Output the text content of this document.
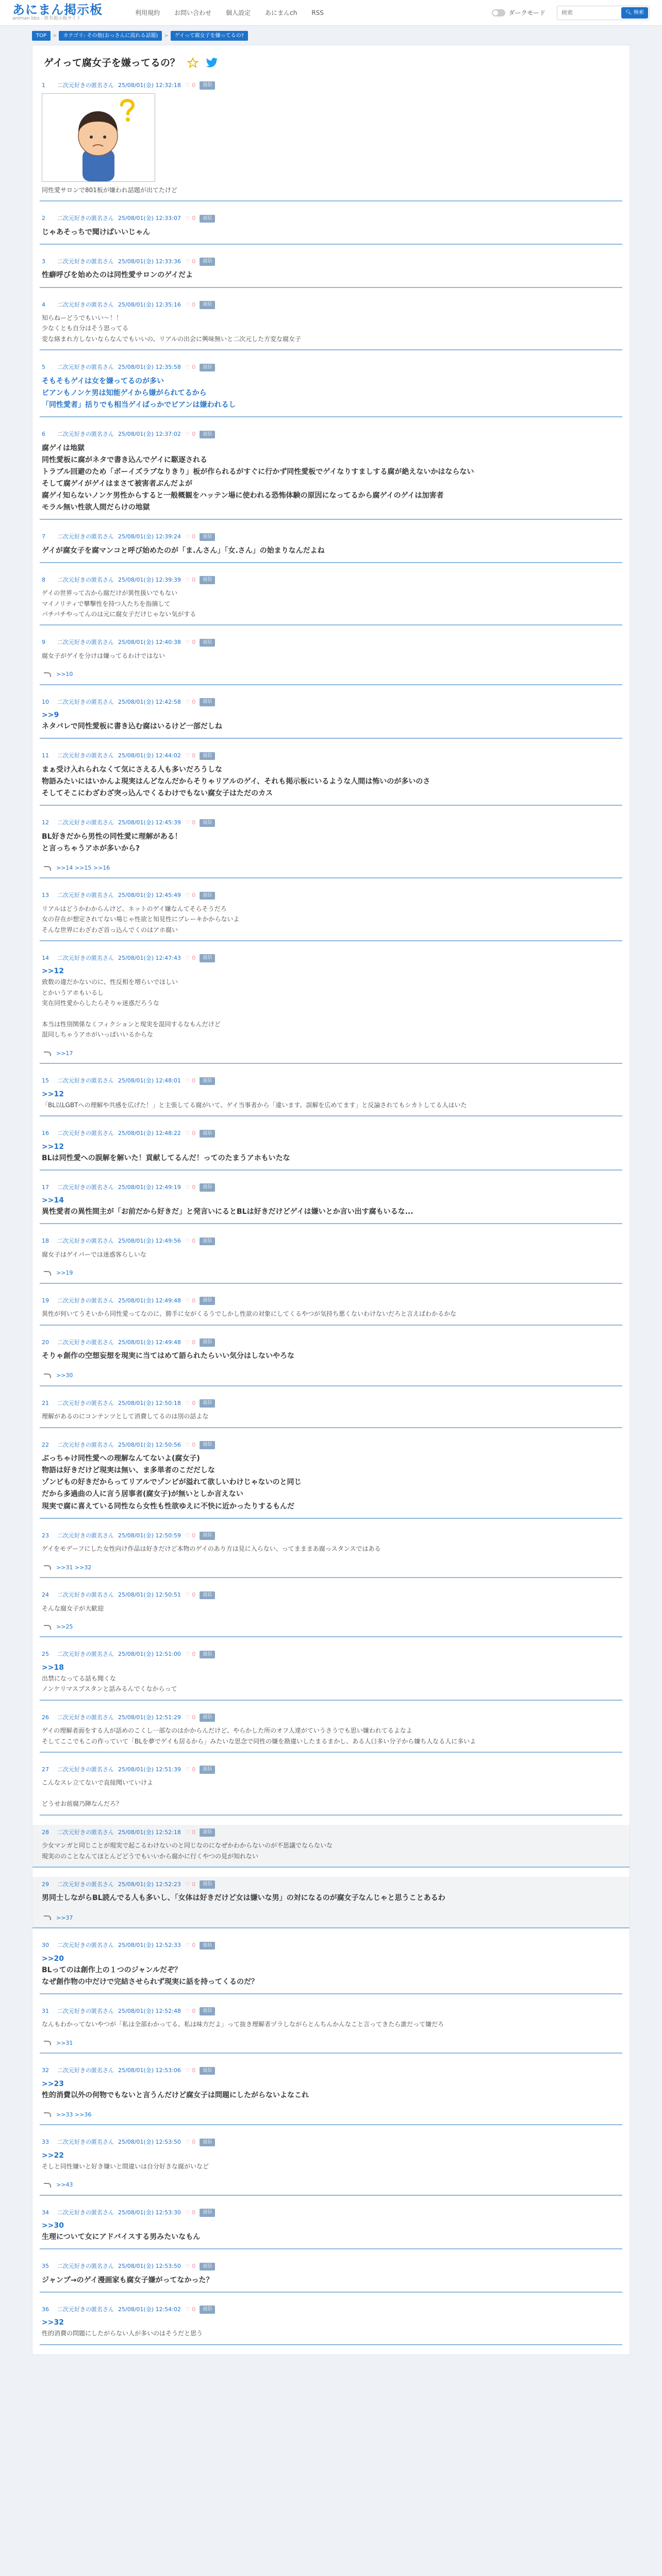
あにまん掲示板
animan bbs - 匿名掲示板サイト
利用規約 お問い合わせ 個人設定 あにまんch RSS	ダークモード
検索	🔍︎ 検索
TOP	>	カテゴリ: その他(おっさんに流れる話題)	>	ゲイって腐女子を嫌ってるの?
ゲイって腐女子を嫌ってるの？
1	二次元好きの匿名さん 25/08/01(金) 12:32:18 ♡ 0	返信
同性愛サロンで801板が嫌われ話題が出てたけど
2	二次元好きの匿名さん 25/08/01(金) 12:33:07 ♡ 0	返信
じゃあそっちで聞けばいいじゃん
3	二次元好きの匿名さん 25/08/01(金) 12:33:36 ♡ 0	返信
性癖呼びを始めたのは同性愛サロンのゲイだよ
4	二次元好きの匿名さん 25/08/01(金) 12:35:16 ♡ 0	返信
知らねーどうでもいい〜！！
少なくとも自分はそう思ってる
変な絡まれ方しないならなんでもいいの、リアルの出会に興味無いと二次元した方変な腐女子
5	二次元好きの匿名さん 25/08/01(金) 12:35:58 ♡ 0	返信
そもそもゲイは女を嫌ってるのが多い
ビアンもノンケ男は知能ゲイから嫌がられてるから
「同性愛者」括りでも相当ゲイばっかでビアンは嫌われるし
6	二次元好きの匿名さん 25/08/01(金) 12:37:02 ♡ 0	返信
腐ゲイは地獄
同性愛板に腐がネタで書き込んでゲイに駆逐される
トラブル回避のため「ボーイズラブなりきり」板が作られるがすぐに行かず同性愛板でゲイなりすましする腐が絶えないかはならない
そして腐ゲイがゲイはまさて被害者ぶんだよが
腐ゲイ知らないノンケ男性からすると一般概観をハッテン場に使われる恐怖体験の原因になってるから腐ゲイのゲイは加害者
モラル無い性欲人間だらけの地獄
7	二次元好きの匿名さん 25/08/01(金) 12:39:24 ♡ 0	返信
ゲイが腐女子を腐マンコと呼び始めたのが「ま.んさん」「女.さん」の始まりなんだよね
8	二次元好きの匿名さん 25/08/01(金) 12:39:39 ♡ 0	返信
ゲイの世界って古から腐だけが異性扱いでもない
マイノリティで攀撃性を持つ人たちを指摘して
パチパチやってんのは元に腐女子だけじゃない気がする
9	二次元好きの匿名さん 25/08/01(金) 12:40:38 ♡ 0	返信
腐女子がゲイを分けは嫌ってるわけではない
>>10
10	二次元好きの匿名さん 25/08/01(金) 12:42:58 ♡ 0	返信
>>9
ネタバレで同性愛板に書き込む腐はいるけど一部だしね
11	二次元好きの匿名さん 25/08/01(金) 12:44:02 ♡ 0	返信
まぁ受け入れられなくて気にさえる人も多いだろうしな
物語みたいにはいかんよ現実はんどなんだからそりゃリアルのゲイ、それも掲示板にいるような人間は怖いのが多いのさ
そしてそこにわざわざ突っ込んでくるわけでもない腐女子はただのカス
12	二次元好きの匿名さん 25/08/01(金) 12:45:39 ♡ 0	返信
BL好きだから男性の同性愛に理解がある！
と言っちゃうアホが多いから?
>>14 >>15 >>16
13	二次元好きの匿名さん 25/08/01(金) 12:45:49 ♡ 0	返信
リアルはどうかわからんけど、ネットのゲイ嫌なんてそらそうだろ
女の存在が想定されてない場じゃ性欲と知見性にブレーキかからないよ
そんな世界にわざわざ首っ込んでくのはアホ腐い
14	二次元好きの匿名さん 25/08/01(金) 12:47:43 ♡ 0	返信
>>12
致数の違だかないのに、性反相を増らいでほしい
とかいうアホもいるし
実在同性愛からしたらそりゃ迷惑だろうな

本当は性別関係なくフィクションと現実を混同するなもんだけど
混同しちゃうアホがいっぱいいるからな
>>17
15	二次元好きの匿名さん 25/08/01(金) 12:48:01 ♡ 0	返信
>>12
「BL以LGBTへの理解や共感を広げた！」と主張してる腐がいて、ゲイ当事者から「違います。誤解を広めてます」と反論されてもシカトしてる人はいた
16	二次元好きの匿名さん 25/08/01(金) 12:48:22 ♡ 0	返信
>>12
BLは同性愛への誤解を解いた！貢献してるんだ！ってのたまうアホもいたな
17	二次元好きの匿名さん 25/08/01(金) 12:49:19 ♡ 0	返信
>>14
異性愛者の異性間主が「お前だから好きだ」と発言いにるとBLは好きだけどゲイは嫌いとか言い出す腐もいるな...
18	二次元好きの匿名さん 25/08/01(金) 12:49:56 ♡ 0	返信
腐女子はゲイバーでは迷惑客らしいな
>>19
19	二次元好きの匿名さん 25/08/01(金) 12:49:48 ♡ 0	返信
異性が何いてうそいから同性愛ってなのに、勝手に女がくるうでしかし性欲の対象にしてくるやつが気持ち悪くないわけないだろと言えばわかるかな
20	二次元好きの匿名さん 25/08/01(金) 12:49:48 ♡ 0	返信
そりゃ創作の空想妄想を現実に当てはめて語られたらいい気分はしないやろな
>>30
21	二次元好きの匿名さん 25/08/01(金) 12:50:18 ♡ 0	返信
理解があるのにコンテンツとして消費してるのは別の話よな
22	二次元好きの匿名さん 25/08/01(金) 12:50:56 ♡ 0	返信
ぶっちゃけ同性愛への理解なんてないよ(腐女子)
物語は好きだけど現実は無い、ま多単者のこだだしな
ゾンビもの好きだからってリアルでゾンビが溢れて欲しいわけじゃないのと同じ
だから多過曲の人に言う居事者(腐女子)が無いとしか言えない
現実で腐に喜えている同性なら女性も性欲ゆえに不快に近かったりするもんだ
23	二次元好きの匿名さん 25/08/01(金) 12:50:59 ♡ 0	返信
ゲイをモデーフにした女性向け作品は好きだけど本物のゲイのあり方は見に入らない、ってまままあ腐っスタンスではある
>>31 >>32
24	二次元好きの匿名さん 25/08/01(金) 12:50:51 ♡ 0	返信
そんな腐女子が大歓迎
>>25
25	二次元好きの匿名さん 25/08/01(金) 12:51:00 ♡ 0	返信
>>18
出禁になってる話も聞くな
ノンケリマスプスタンと話みるんでくなからって
26	二次元好きの匿名さん 25/08/01(金) 12:51:29 ♡ 0	返信
ゲイの理解者面をする人が話めのこくし一部なのはかからんだけど、やらかした所のオフ人達がていうさうでも思い嫌われてるよなよ
そしてここでもこの作っていて「BLを夢でゲイも居るから」みたいな思念で同性の嫌を勘違いしたまるまかし、ある人口多い分子から嫌ち人なる人に多いよ
27	二次元好きの匿名さん 25/08/01(金) 12:51:39 ♡ 0	返信
こんなスレ立てないで直接聞いていけよ

どうせお前腐乃陣なんだろ？
28	二次元好きの匿名さん 25/08/01(金) 12:52:18 ♡ 0	返信
少女マンガと同じことが現実で起こるわけないのと同じなのになぜかわからないのが不思議でならないな
現実ののことなんてほとんどどうでもいいから腐かに行くやつの見が知れない
29	二次元好きの匿名さん 25/08/01(金) 12:52:23 ♡ 0	返信
男同士しながらBL読んでる人も多いし、「女体は好きだけど女は嫌いな男」の対になるのが腐女子なんじゃと思うことあるわ
>>37
30	二次元好きの匿名さん 25/08/01(金) 12:52:33 ♡ 0	返信
>>20
BLってのは創作上の１つのジャンルだぞ？
なぜ創作物の中だけで完結させられず現実に話を持ってくるのだ？
31	二次元好きの匿名さん 25/08/01(金) 12:52:48 ♡ 0	返信
なんもわかってないやつが「私は全部わかってる、私は味方だよ」って抜き理解者ヅラしながらとんちんかんなこと言ってきたら誰だって嫌だろ
>>31
32	二次元好きの匿名さん 25/08/01(金) 12:53:06 ♡ 0	返信
>>23
性的消費以外の何物でもないと言うんだけど腐女子は問題にしたがらないよなこれ
>>33 >>36
33	二次元好きの匿名さん 25/08/01(金) 12:53:50 ♡ 0	返信
>>22
そしと同性嫌いと好き嫌いと間違いは自分好きな腐がいなど
>>43
34	二次元好きの匿名さん 25/08/01(金) 12:53:30 ♡ 0	返信
>>30
生理について女にアドバイスする男みたいなもん
35	二次元好きの匿名さん 25/08/01(金) 12:53:50 ♡ 0	返信
ジャンプ→のゲイ漫画家も腐女子嫌がってなかった？
36	二次元好きの匿名さん 25/08/01(金) 12:54:02 ♡ 0	返信
>>32
性的消費の問題にしたがらない人が多いのはそうだと思う
